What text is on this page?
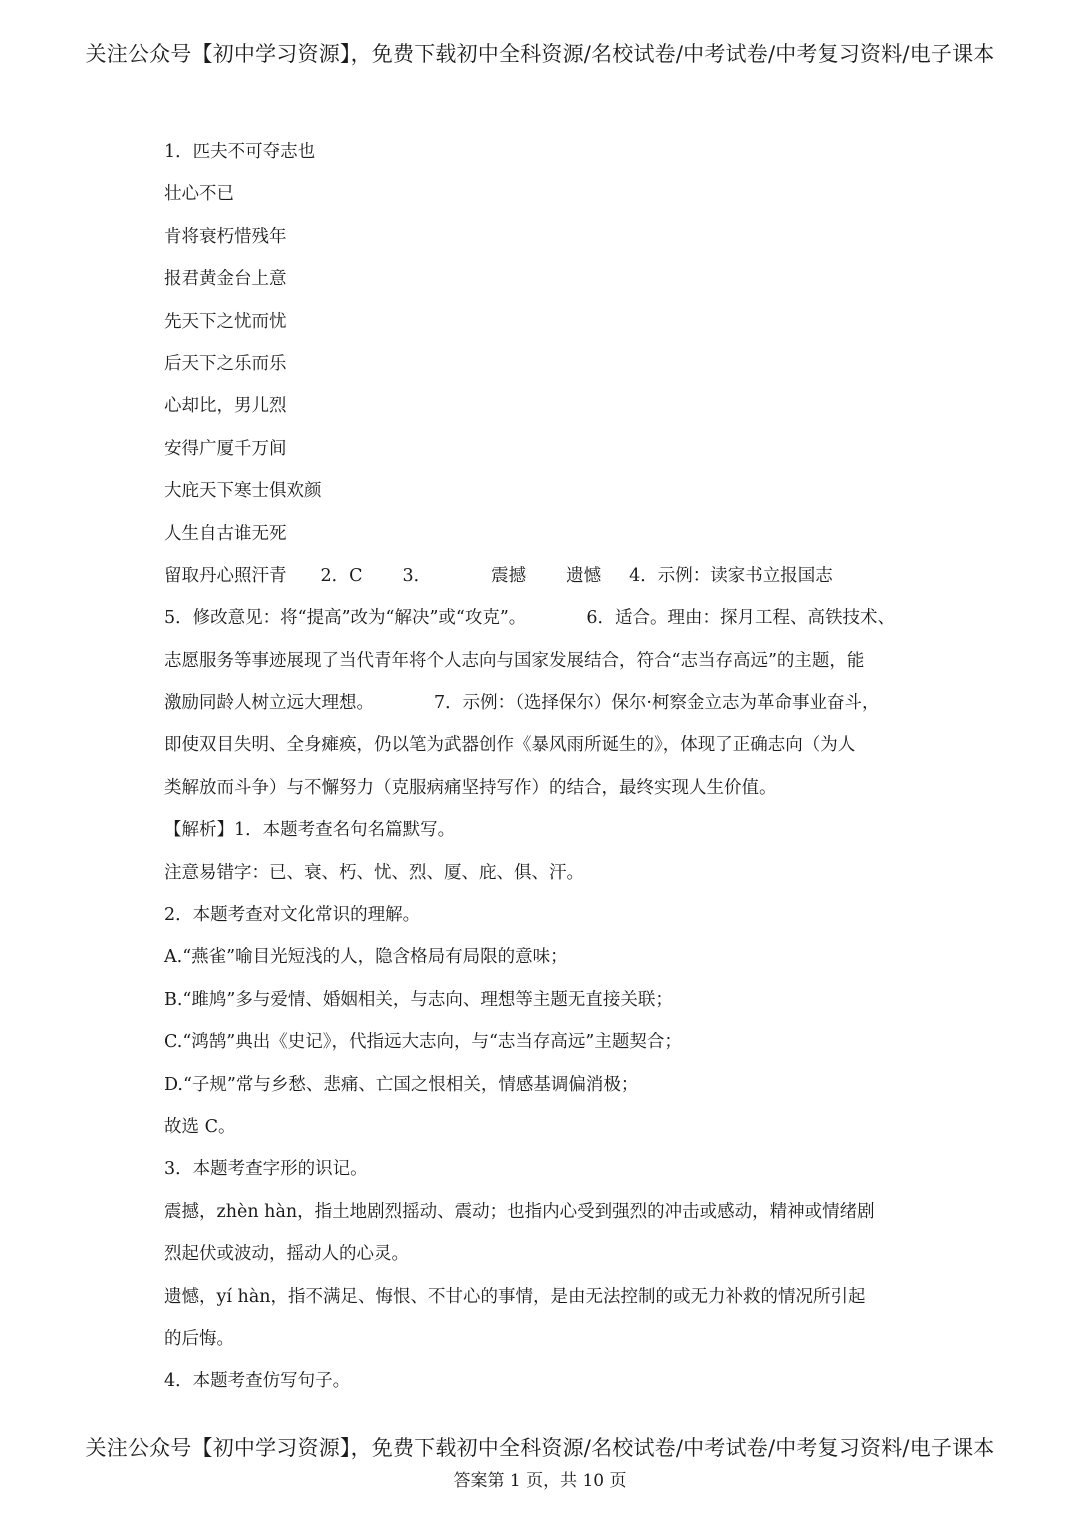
关注公众号【初中学习资源】，免费下载初中全科资源/名校试卷/中考试卷/中考复习资料/电子课本
1．匹夫不可夺志也
壮心不已
肯将衰朽惜残年
报君黄金台上意
先天下之忧而忧
后天下之乐而乐
心却比，男儿烈
安得广厦千万间
大庇天下寒士俱欢颜
人生自古谁无死
留取丹心照汗青 2．C 3．	震撼 遗憾 4．示例：读家书立报国志
5．修改意见：将“提高”改为“解决”或“攻克”。	6．适合。理由：探月工程、高铁技术、
志愿服务等事迹展现了当代青年将个人志向与国家发展结合，符合“志当存高远”的主题，能
激励同龄人树立远大理想。	7．示例：（选择保尔）保尔·柯察金立志为革命事业奋斗，
即使双目失明、全身瘫痪，仍以笔为武器创作《暴风雨所诞生的》，体现了正确志向（为人
类解放而斗争）与不懈努力（克服病痛坚持写作）的结合，最终实现人生价值。
【解析】1．本题考查名句名篇默写。
注意易错字：已、衰、朽、忧、烈、厦、庇、俱、汗。
2．本题考查对文化常识的理解。
A.“燕雀”喻目光短浅的人，隐含格局有局限的意味；
B.“雎鸠”多与爱情、婚姻相关，与志向、理想等主题无直接关联；
C.“鸿鹄”典出《史记》，代指远大志向，与“志当存高远”主题契合；
D.“子规”常与乡愁、悲痛、亡国之恨相关，情感基调偏消极；
故选 C。
3．本题考查字形的识记。
震撼，zhèn hàn，指土地剧烈摇动、震动；也指内心受到强烈的冲击或感动，精神或情绪剧
烈起伏或波动，摇动人的心灵。
遗憾，yí hàn，指不满足、悔恨、不甘心的事情，是由无法控制的或无力补救的情况所引起
的后悔。
4．本题考查仿写句子。
关注公众号【初中学习资源】，免费下载初中全科资源/名校试卷/中考试卷/中考复习资料/电子课本
答案第 1 页，共 10 页
